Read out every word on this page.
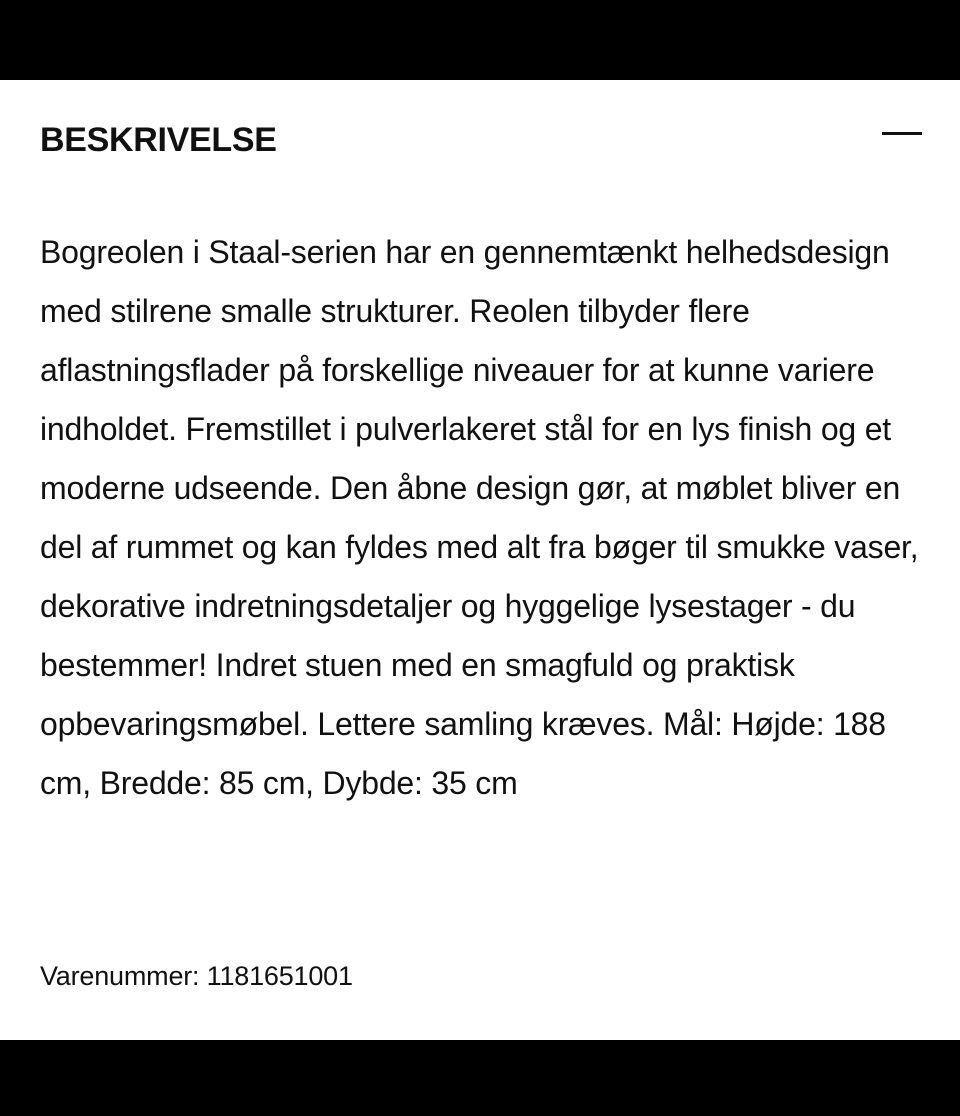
BESKRIVELSE

Bogreolen i Staal-serien har en gennemtænkt helhedsdesign med stilrene smalle strukturer. Reolen tilbyder flere aflastningsflader på forskellige niveauer for at kunne variere indholdet. Fremstillet i pulverlakeret stål for en lys finish og et moderne udseende. Den åbne design gør, at møblet bliver en del af rummet og kan fyldes med alt fra bøger til smukke vaser, dekorative indretningsdetaljer og hyggelige lysestager - du bestemmer! Indret stuen med en smagfuld og praktisk opbevaringsmøbel. Lettere samling kræves. Mål: Højde: 188 cm, Bredde: 85 cm, Dybde: 35 cm

Varenummer: 1181651001
